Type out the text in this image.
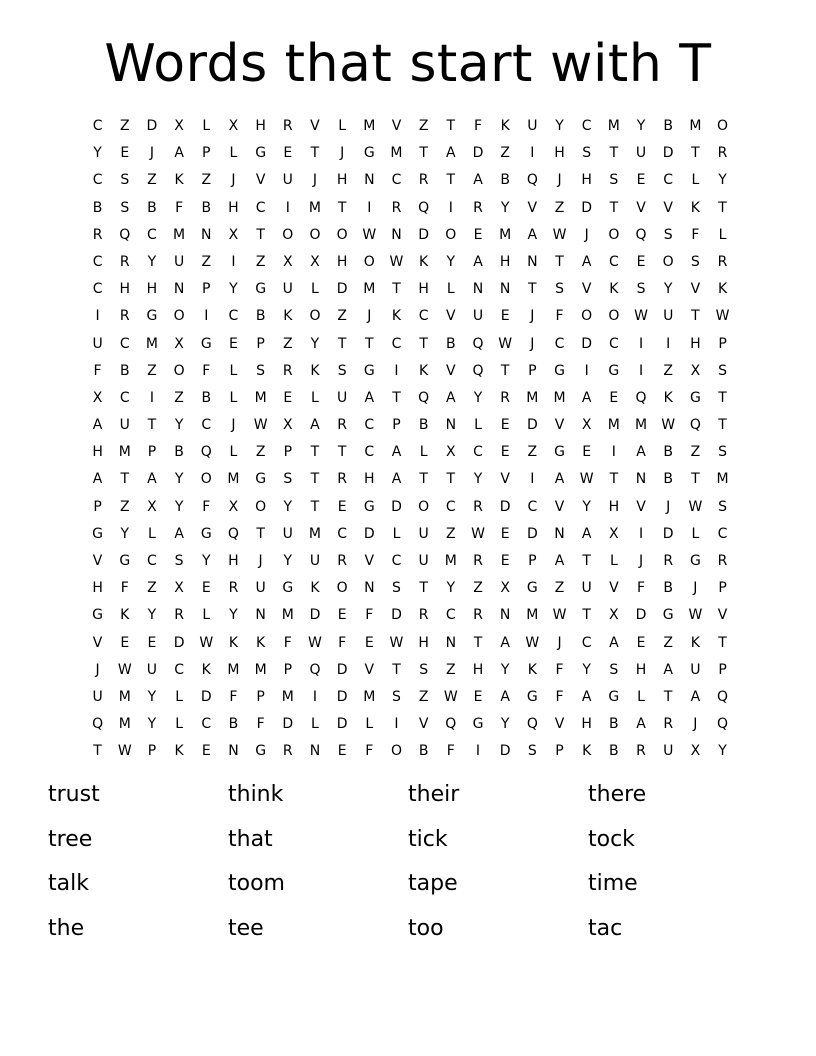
Words that start with T
C	Z	D	X	L	X	H	R	V	L	M	V	Z	T	F	K	U	Y	C	M	Y	B	M	O
Y	E	J	A	P	L	G	E	T	J	G	M	T	A	D	Z	I	H	S	T	U	D	T	R
C	S	Z	K	Z	J	V	U	J	H	N	C	R	T	A	B	Q	J	H	S	E	C	L	Y
B	S	B	F	B	H	C	I	M	T	I	R	Q	I	R	Y	V	Z	D	T	V	V	K	T
R	Q	C	M	N	X	T	O	O	O	W	N	D	O	E	M	A	W	J	O	Q	S	F	L
C	R	Y	U	Z	I	Z	X	X	H	O	W	K	Y	A	H	N	T	A	C	E	O	S	R
C	H	H	N	P	Y	G	U	L	D	M	T	H	L	N	N	T	S	V	K	S	Y	V	K
I	R	G	O	I	C	B	K	O	Z	J	K	C	V	U	E	J	F	O	O	W	U	T	W
U	C	M	X	G	E	P	Z	Y	T	T	C	T	B	Q	W	J	C	D	C	I	I	H	P
F	B	Z	O	F	L	S	R	K	S	G	I	K	V	Q	T	P	G	I	G	I	Z	X	S
X	C	I	Z	B	L	M	E	L	U	A	T	Q	A	Y	R	M	M	A	E	Q	K	G	T
A	U	T	Y	C	J	W	X	A	R	C	P	B	N	L	E	D	V	X	M	M	W	Q	T
H	M	P	B	Q	L	Z	P	T	T	C	A	L	X	C	E	Z	G	E	I	A	B	Z	S
A	T	A	Y	O	M	G	S	T	R	H	A	T	T	Y	V	I	A	W	T	N	B	T	M
P	Z	X	Y	F	X	O	Y	T	E	G	D	O	C	R	D	C	V	Y	H	V	J	W	S
G	Y	L	A	G	Q	T	U	M	C	D	L	U	Z	W	E	D	N	A	X	I	D	L	C
V	G	C	S	Y	H	J	Y	U	R	V	C	U	M	R	E	P	A	T	L	J	R	G	R
H	F	Z	X	E	R	U	G	K	O	N	S	T	Y	Z	X	G	Z	U	V	F	B	J	P
G	K	Y	R	L	Y	N	M	D	E	F	D	R	C	R	N	M	W	T	X	D	G	W	V
V	E	E	D	W	K	K	F	W	F	E	W	H	N	T	A	W	J	C	A	E	Z	K	T
J	W	U	C	K	M	M	P	Q	D	V	T	S	Z	H	Y	K	F	Y	S	H	A	U	P
U	M	Y	L	D	F	P	M	I	D	M	S	Z	W	E	A	G	F	A	G	L	T	A	Q
Q	M	Y	L	C	B	F	D	L	D	L	I	V	Q	G	Y	Q	V	H	B	A	R	J	Q
T	W	P	K	E	N	G	R	N	E	F	O	B	F	I	D	S	P	K	B	R	U	X	Y
trust	think	their	there
tree	that	tick	tock
talk	toom	tape	time
the	tee	too	tac
